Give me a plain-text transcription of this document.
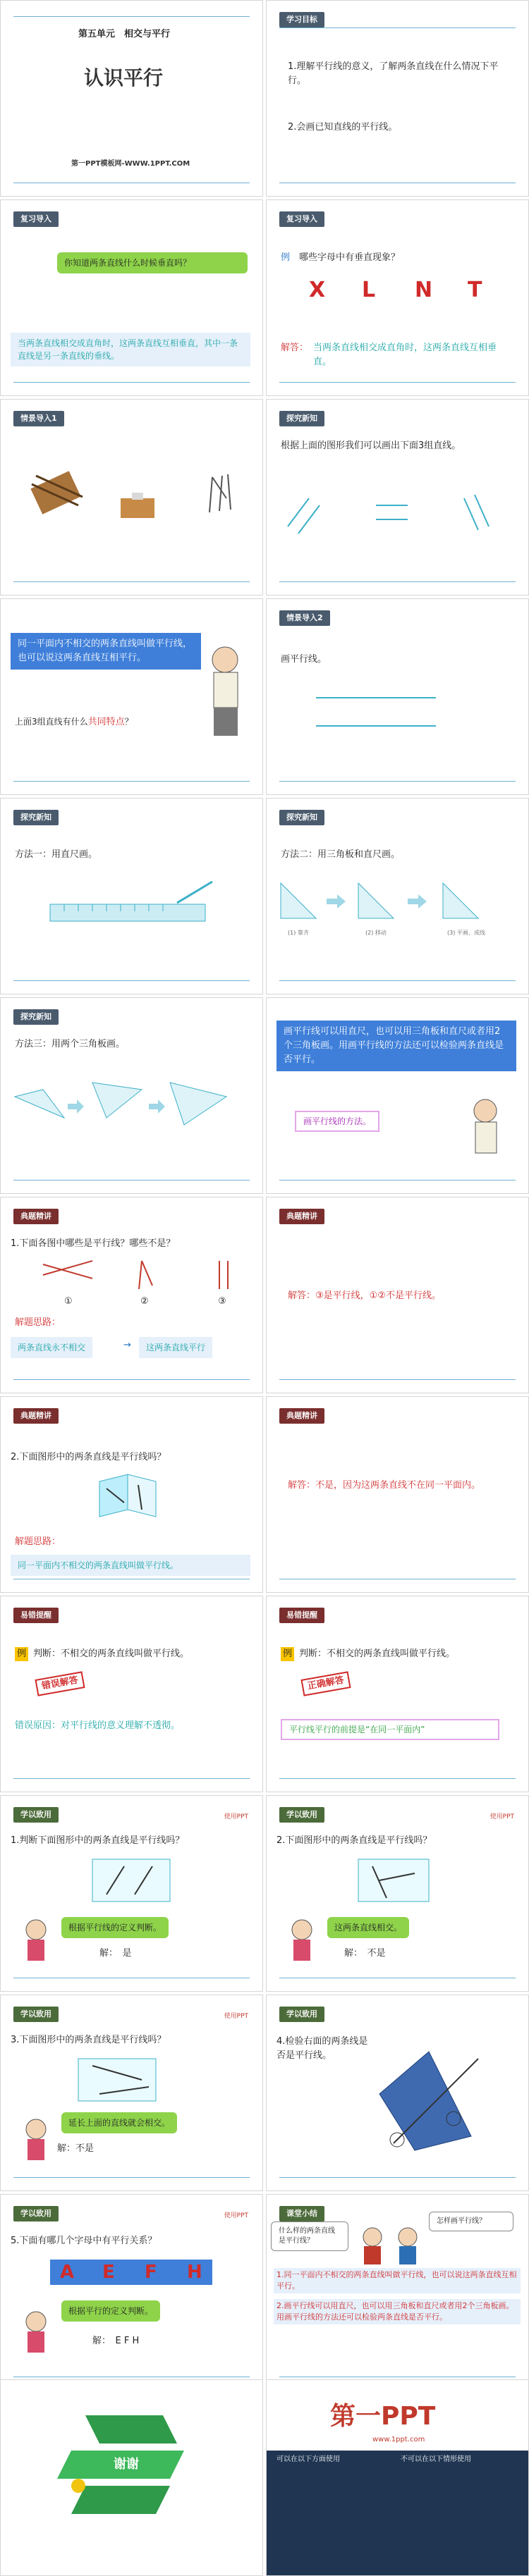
第五单元　相交与平行
认识平行
第一PPT模板网-WWW.1PPT.COM
学习目标
1.理解平行线的意义，了解两条直线在什么情况下平行。
2.会画已知直线的平行线。
复习导入
你知道两条直线什么时候垂直吗？
当两条直线相交成直角时，这两条直线互相垂直，其中一条直线是另一条直线的垂线。
复习导入
例 哪些字母中有垂直现象？
X L N T
解答： 当两条直线相交成直角时，这两条直线互相垂直。
情景导入1	探究新知
根据上面的图形我们可以画出下面3组直线。
同一平面内不相交的两条直线叫做平行线，也可以说这两条直线互相平行。
上面3组直线有什么共同特点？
情景导入2
画平行线。
探究新知
方法一：用直尺画。
探究新知
方法二：用三角板和直尺画。
(1) 靠齐	(2) 移动	(3) 平画、成线
探究新知
方法三：用两个三角板画。
画平行线可以用直尺，也可以用三角板和直尺或者用2个三角板画。用画平行线的方法还可以检验两条直线是否平行。
画平行线的方法。
典题精讲
1.下面各图中哪些是平行线？哪些不是？
①	②	③
解题思路：
两条直线永不相交	→	这两条直线平行
典题精讲
解答：③是平行线，①②不是平行线。
典题精讲
2.下面图形中的两条直线是平行线吗？
解题思路：
同一平面内不相交的两条直线叫做平行线。
典题精讲
解答：不是，因为这两条直线不在同一平面内。
易错提醒
例 判断：不相交的两条直线叫做平行线。
错误解答
错误原因：对平行线的意义理解不透彻。
易错提醒
例 判断：不相交的两条直线叫做平行线。
正确解答
平行线平行的前提是“在同一平面内”
学以致用	使用PPT
1.判断下面图形中的两条直线是平行线吗？
根据平行线的定义判断。
解：　是
学以致用	使用PPT
2.下面图形中的两条直线是平行线吗？
这两条直线相交。
解：　不是
学以致用	使用PPT
3.下面图形中的两条直线是平行线吗？
延长上面的直线就会相交。
解：不是
学以致用
4.检验右面的两条线是否是平行线。
学以致用	使用PPT
5.下面有哪几个字母中有平行关系？
A E F H
根据平行的定义判断。
解：　E F H
课堂小结
什么样的两条直线是平行线？
怎样画平行线？
1.同一平面内不相交的两条直线叫做平行线，也可以说这两条直线互相平行。
2.画平行线可以用直尺，也可以用三角板和直尺或者用2个三角板画。用画平行线的方法还可以检验两条直线是否平行。
谢谢
第一PPT
www.1ppt.com
可以在以下方面使用	不可以在以下情形使用
